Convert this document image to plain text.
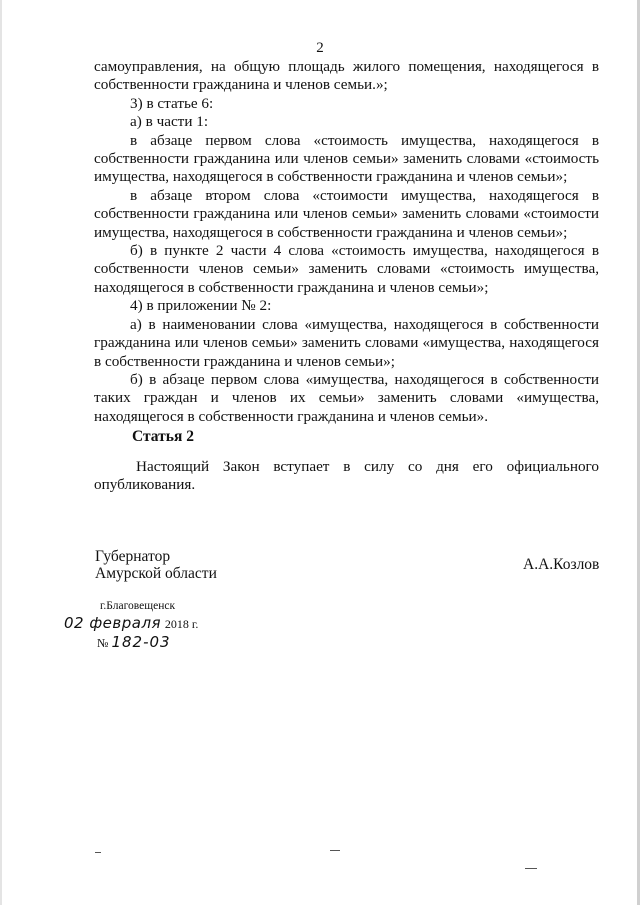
2

самоуправления, на общую площадь жилого помещения, находящегося в собственности гражданина и членов семьи.»;

3) в статье 6:

а) в части 1:

в абзаце первом слова «стоимость имущества, находящегося в собственности гражданина или членов семьи» заменить словами «стоимость имущества, находящегося в собственности гражданина и членов семьи»;

в абзаце втором слова «стоимости имущества, находящегося в собственности гражданина или членов семьи» заменить словами «стоимости имущества, находящегося в собственности гражданина и членов семьи»;

б) в пункте 2 части 4 слова «стоимость имущества, находящегося в собственности членов семьи» заменить словами «стоимость имущества, находящегося в собственности гражданина и членов семьи»;

4) в приложении № 2:

а) в наименовании слова «имущества, находящегося в собственности гражданина или членов семьи» заменить словами «имущества, находящегося в собственности гражданина и членов семьи»;

б) в абзаце первом слова «имущества, находящегося в собственности таких граждан и членов их семьи» заменить словами «имущества, находящегося в собственности гражданина и членов семьи».

Статья 2

Настоящий Закон вступает в силу со дня его официального опубликования.

Губернатор
Амурской области
А.А.Козлов
г.Благовещенск
02 февраля 2018 г.
№ 182-03
